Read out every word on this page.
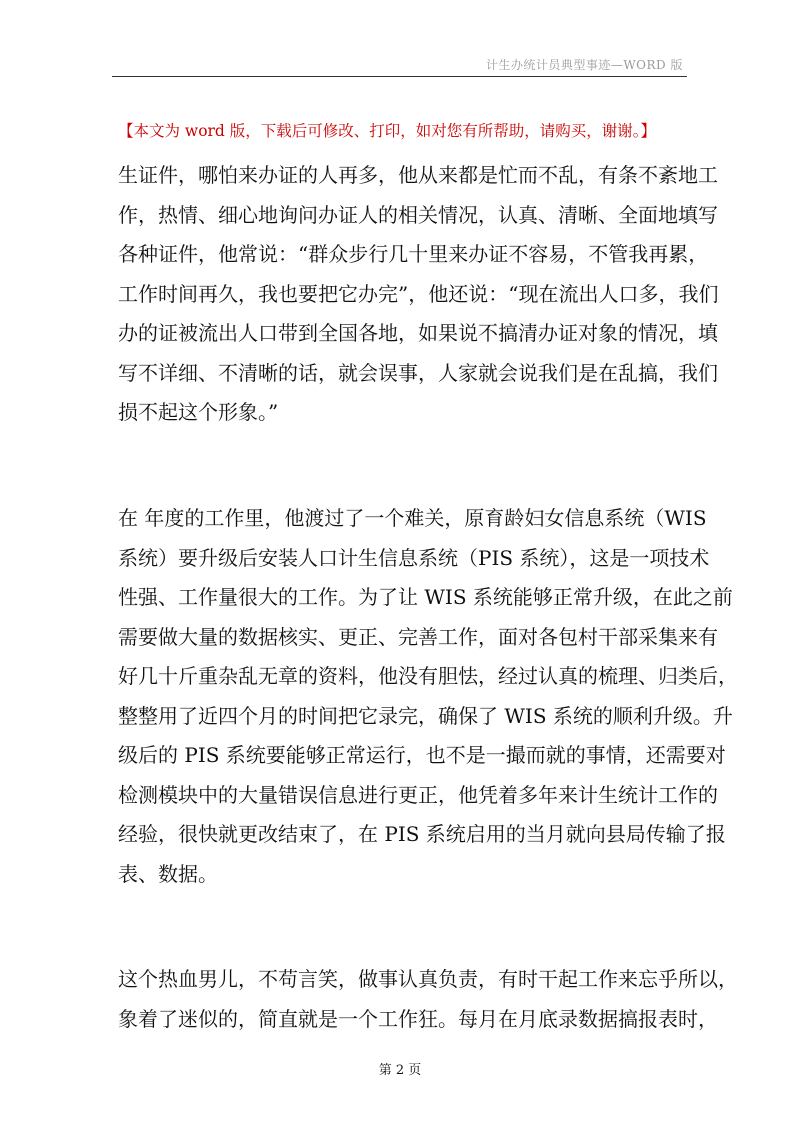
计生办统计员典型事迹—WORD 版
【本文为 word 版，下载后可修改、打印，如对您有所帮助，请购买，谢谢。】
生证件，哪怕来办证的人再多，他从来都是忙而不乱，有条不紊地工
作，热情、细心地询问办证人的相关情况，认真、清晰、全面地填写
各种证件，他常说：“群众步行几十里来办证不容易，不管我再累，
工作时间再久，我也要把它办完”，他还说：“现在流出人口多，我们
办的证被流出人口带到全国各地，如果说不搞清办证对象的情况，填
写不详细、不清晰的话，就会误事，人家就会说我们是在乱搞，我们
损不起这个形象。”
在 年度的工作里，他渡过了一个难关，原育龄妇女信息系统（WIS
系统）要升级后安装人口计生信息系统（PIS 系统），这是一项技术
性强、工作量很大的工作。为了让 WIS 系统能够正常升级，在此之前
需要做大量的数据核实、更正、完善工作，面对各包村干部采集来有
好几十斤重杂乱无章的资料，他没有胆怯，经过认真的梳理、归类后，
整整用了近四个月的时间把它录完，确保了 WIS 系统的顺利升级。升
级后的 PIS 系统要能够正常运行，也不是一撮而就的事情，还需要对
检测模块中的大量错误信息进行更正，他凭着多年来计生统计工作的
经验，很快就更改结束了，在 PIS 系统启用的当月就向县局传输了报
表、数据。
这个热血男儿，不苟言笑，做事认真负责，有时干起工作来忘乎所以，
象着了迷似的，简直就是一个工作狂。每月在月底录数据搞报表时，
第 2 页
